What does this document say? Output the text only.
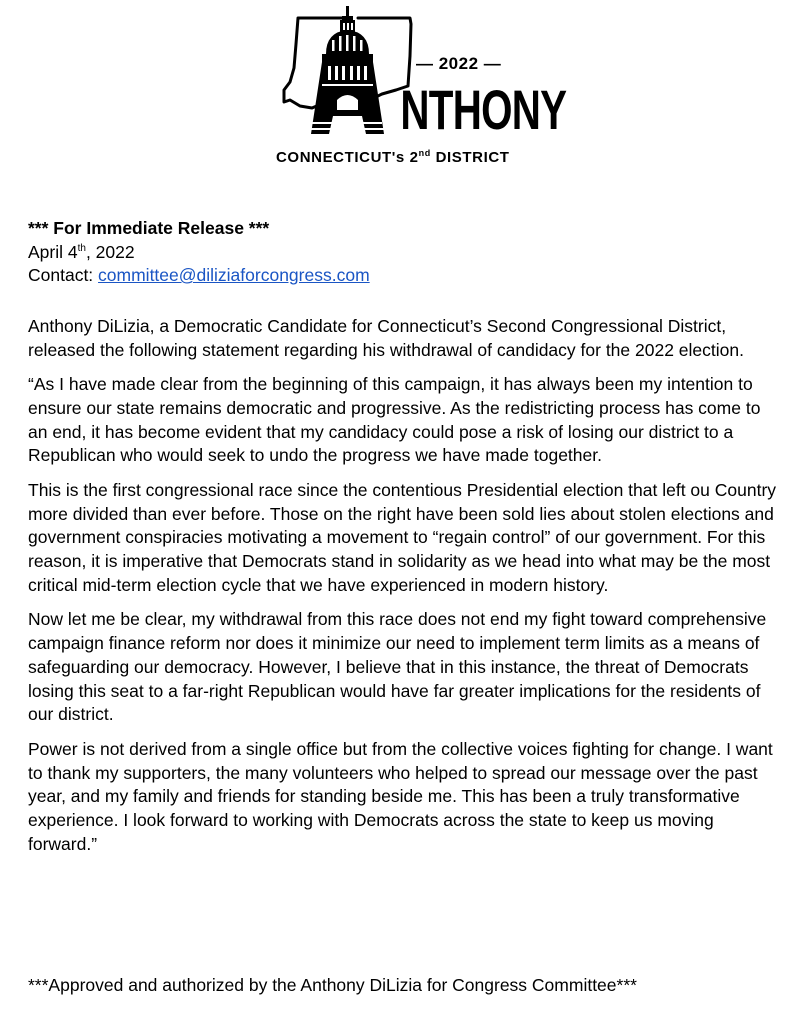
— 2022 —
NTHONY
CONNECTICUT's 2nd DISTRICT
*** For Immediate Release ***
April 4th, 2022
Contact: committee@diliziaforcongress.com

Anthony DiLizia, a Democratic Candidate for Connecticut’s Second Congressional District, released the following statement regarding his withdrawal of candidacy for the 2022 election.

“As I have made clear from the beginning of this campaign, it has always been my intention to ensure our state remains democratic and progressive. As the redistricting process has come to an end, it has become evident that my candidacy could pose a risk of losing our district to a Republican who would seek to undo the progress we have made together.

This is the first congressional race since the contentious Presidential election that left ou Country more divided than ever before. Those on the right have been sold lies about stolen elections and government conspiracies motivating a movement to “regain control” of our government. For this reason, it is imperative that Democrats stand in solidarity as we head into what may be the most critical mid-term election cycle that we have experienced in modern history.

Now let me be clear, my withdrawal from this race does not end my fight toward comprehensive campaign finance reform nor does it minimize our need to implement term limits as a means of safeguarding our democracy. However, I believe that in this instance, the threat of Democrats losing this seat to a far-right Republican would have far greater implications for the residents of our district.

Power is not derived from a single office but from the collective voices fighting for change. I want to thank my supporters, the many volunteers who helped to spread our message over the past year, and my family and friends for standing beside me. This has been a truly transformative experience. I look forward to working with Democrats across the state to keep us moving forward.”

***Approved and authorized by the Anthony DiLizia for Congress Committee***
